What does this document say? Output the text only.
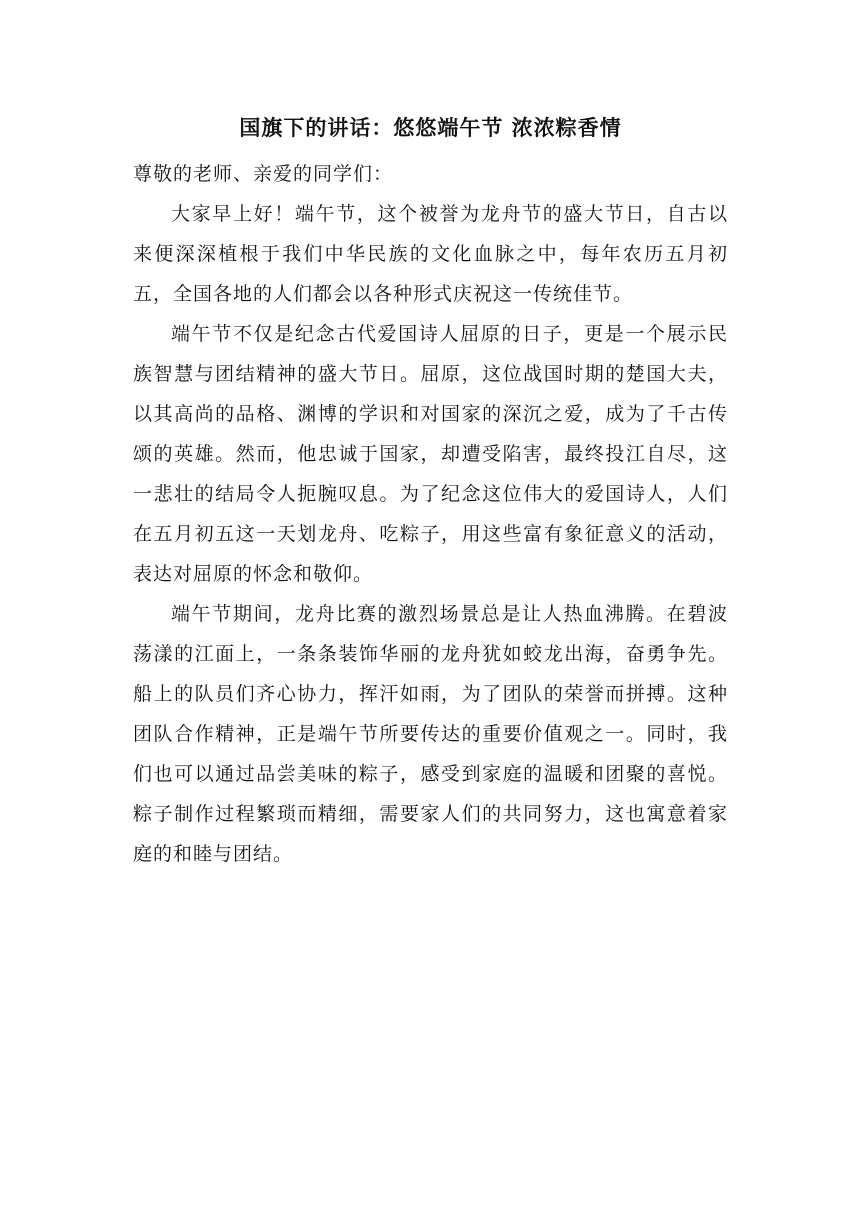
国旗下的讲话：悠悠端午节 浓浓粽香情

尊敬的老师、亲爱的同学们：

大家早上好！端午节，这个被誉为龙舟节的盛大节日，自古以来便深深植根于我们中华民族的文化血脉之中，每年农历五月初五，全国各地的人们都会以各种形式庆祝这一传统佳节。

端午节不仅是纪念古代爱国诗人屈原的日子，更是一个展示民族智慧与团结精神的盛大节日。屈原，这位战国时期的楚国大夫，以其高尚的品格、渊博的学识和对国家的深沉之爱，成为了千古传颂的英雄。然而，他忠诚于国家，却遭受陷害，最终投江自尽，这一悲壮的结局令人扼腕叹息。为了纪念这位伟大的爱国诗人，人们在五月初五这一天划龙舟、吃粽子，用这些富有象征意义的活动，表达对屈原的怀念和敬仰。

端午节期间，龙舟比赛的激烈场景总是让人热血沸腾。在碧波荡漾的江面上，一条条装饰华丽的龙舟犹如蛟龙出海，奋勇争先。船上的队员们齐心协力，挥汗如雨，为了团队的荣誉而拼搏。这种团队合作精神，正是端午节所要传达的重要价值观之一。同时，我们也可以通过品尝美味的粽子，感受到家庭的温暖和团聚的喜悦。粽子制作过程繁琐而精细，需要家人们的共同努力，这也寓意着家庭的和睦与团结。
